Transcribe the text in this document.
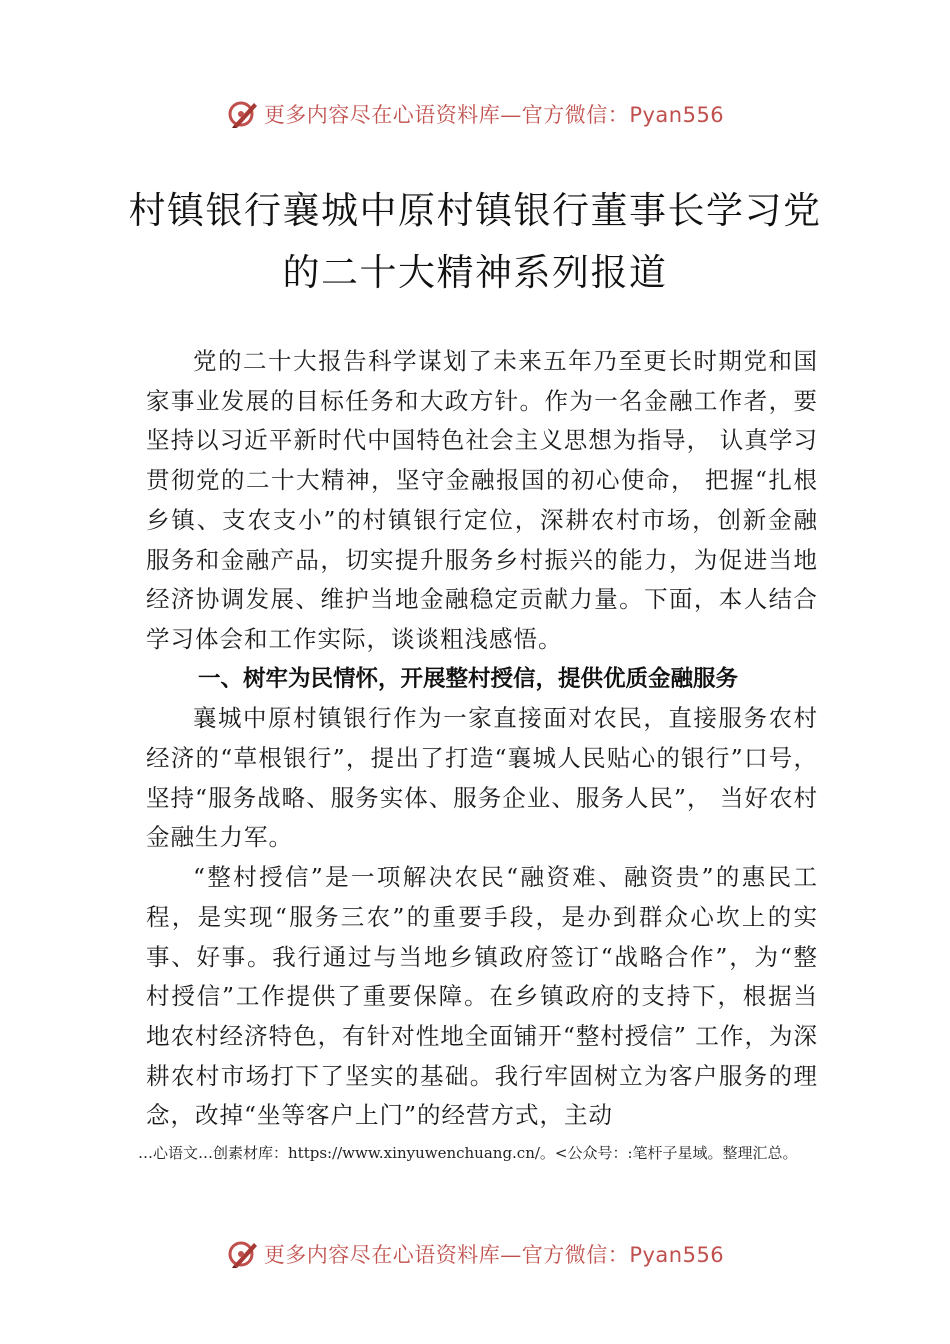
更多内容尽在心语资料库—官方微信：Pyan556
村镇银行襄城中原村镇银行董事长学习党
的二十大精神系列报道

党的二十大报告科学谋划了未来五年乃至更长时期党和国家事业发展的目标任务和大政方针。作为一名金融工作者，要坚持以习近平新时代中国特色社会主义思想为指导， 认真学习贯彻党的二十大精神，坚守金融报国的初心使命， 把握“扎根乡镇、支农支小”的村镇银行定位，深耕农村市场，创新金融服务和金融产品，切实提升服务乡村振兴的能力，为促进当地经济协调发展、维护当地金融稳定贡献力量。下面，本人结合学习体会和工作实际，谈谈粗浅感悟。

一、树牢为民情怀，开展整村授信，提供优质金融服务

襄城中原村镇银行作为一家直接面对农民，直接服务农村经济的“草根银行”，提出了打造“襄城人民贴心的银行”口号，坚持“服务战略、服务实体、服务企业、服务人民”， 当好农村金融生力军。

“整村授信”是一项解决农民“融资难、融资贵”的惠民工程，是实现“服务三农”的重要手段，是办到群众心坎上的实事、好事。我行通过与当地乡镇政府签订“战略合作”，为“整村授信”工作提供了重要保障。在乡镇政府的支持下，根据当地农村经济特色，有针对性地全面铺开“整村授信” 工作，为深耕农村市场打下了坚实的基础。我行牢固树立为客户服务的理念，改掉“坐等客户上门”的经营方式，主动

…心语文…创素材库：https://www.xinyuwenchuang.cn/。<公众号：:笔杆子星域。整理汇总。
更多内容尽在心语资料库—官方微信：Pyan556
